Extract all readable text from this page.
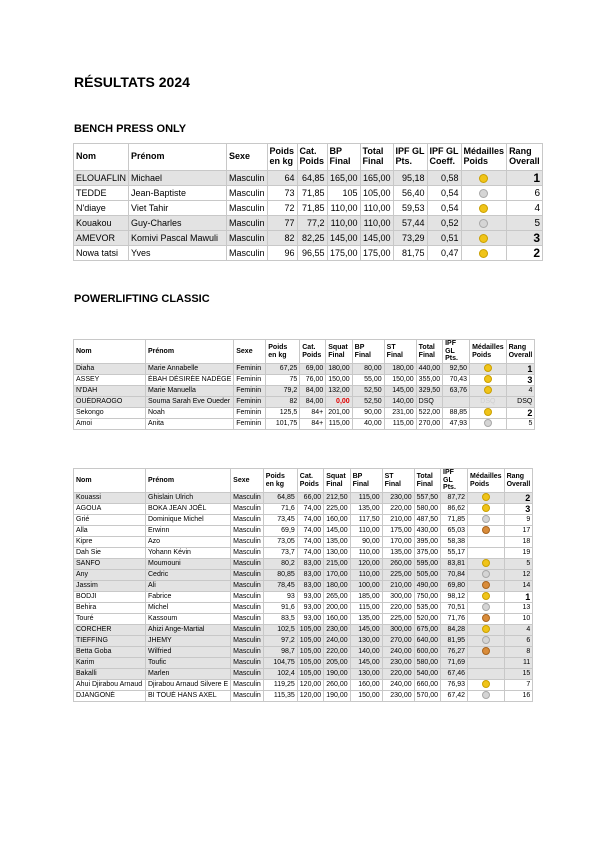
RÉSULTATS 2024
BENCH PRESS ONLY
Nom	Prénom	Sexe	Poids en kg	Cat. Poids	BP Final	Total Final	IPF GL Pts.	IPF GL Coeff.	Médailles Poids	Rang Overall
ELOUAFLIN	Michael	Masculin	64	64,85	165,00	165,00	95,18	0,58		1
TEDDE	Jean-Baptiste	Masculin	73	71,85	105	105,00	56,40	0,54		6
N'diaye	Viet Tahir	Masculin	72	71,85	110,00	110,00	59,53	0,54		4
Kouakou	Guy-Charles	Masculin	77	77,2	110,00	110,00	57,44	0,52		5
AMEVOR	Komivi Pascal Mawuli	Masculin	82	82,25	145,00	145,00	73,29	0,51		3
Nowa tatsi	Yves	Masculin	96	96,55	175,00	175,00	81,75	0,47		2
POWERLIFTING CLASSIC
Nom	Prénom	Sexe	Poids en kg	Cat. Poids	Squat Final	BP Final	ST Final	Total Final	IPF GL Pts.	Médailles Poids	Rang Overall
Diaha	Marie Annabelle	Feminin	67,25	69,00	180,00	80,00	180,00	440,00	92,50		1
ASSEY	ÉBAH DÉSIRÉE NADÈGE	Feminin	75	76,00	150,00	55,00	150,00	355,00	70,43		3
N'DAH	Marie Manuella	Feminin	79,2	84,00	132,00	52,50	145,00	329,50	63,76		4
OUÉDRAOGO	Souma Sarah Eve Oueder	Feminin	82	84,00	0,00	52,50	140,00	DSQ		DSQ	DSQ
Sekongo	Noah	Feminin	125,5	84+	201,00	90,00	231,00	522,00	88,85		2
Amoi	Anita	Feminin	101,75	84+	115,00	40,00	115,00	270,00	47,93		5
Nom	Prénom	Sexe	Poids en kg	Cat. Poids	Squat Final	BP Final	ST Final	Total Final	IPF GL Pts.	Médailles Poids	Rang Overall
Kouassi	Ghislain Ulrich	Masculin	64,85	66,00	212,50	115,00	230,00	557,50	87,72		2
AGOUA	BOKA JEAN JOËL	Masculin	71,6	74,00	225,00	135,00	220,00	580,00	86,62		3
Grié	Dominique Michel	Masculin	73,45	74,00	160,00	117,50	210,00	487,50	71,85		9
Alla	Erwinn	Masculin	69,9	74,00	145,00	110,00	175,00	430,00	65,03		17
Kipre	Azo	Masculin	73,05	74,00	135,00	90,00	170,00	395,00	58,38		18
Dah Sie	Yohann Kévin	Masculin	73,7	74,00	130,00	110,00	135,00	375,00	55,17		19
SANFO	Moumouni	Masculin	80,2	83,00	215,00	120,00	260,00	595,00	83,81		5
Any	Cedric	Masculin	80,85	83,00	170,00	110,00	225,00	505,00	70,84		12
Jassim	Ali	Masculin	78,45	83,00	180,00	100,00	210,00	490,00	69,80		14
BODJI	Fabrice	Masculin	93	93,00	265,00	185,00	300,00	750,00	98,12		1
Behira	Michel	Masculin	91,6	93,00	200,00	115,00	220,00	535,00	70,51		13
Touré	Kassoum	Masculin	83,5	93,00	160,00	135,00	225,00	520,00	71,76		10
CORCHER	Ahizi Ange-Martial	Masculin	102,5	105,00	230,00	145,00	300,00	675,00	84,28		4
TIEFFING	JHEMY	Masculin	97,2	105,00	240,00	130,00	270,00	640,00	81,95		6
Betta Goba	Wilfried	Masculin	98,7	105,00	220,00	140,00	240,00	600,00	76,27		8
Karim	Toufic	Masculin	104,75	105,00	205,00	145,00	230,00	580,00	71,69		11
Bakalli	Marlen	Masculin	102,4	105,00	190,00	130,00	220,00	540,00	67,46		15
Ahui Djirabou Arnaud	Djirabou Arnaud Silvere E	Masculin	119,25	120,00	260,00	160,00	240,00	660,00	76,93		7
DJANGONÉ	BI TOUÉ HANS AXEL	Masculin	115,35	120,00	190,00	150,00	230,00	570,00	67,42		16
